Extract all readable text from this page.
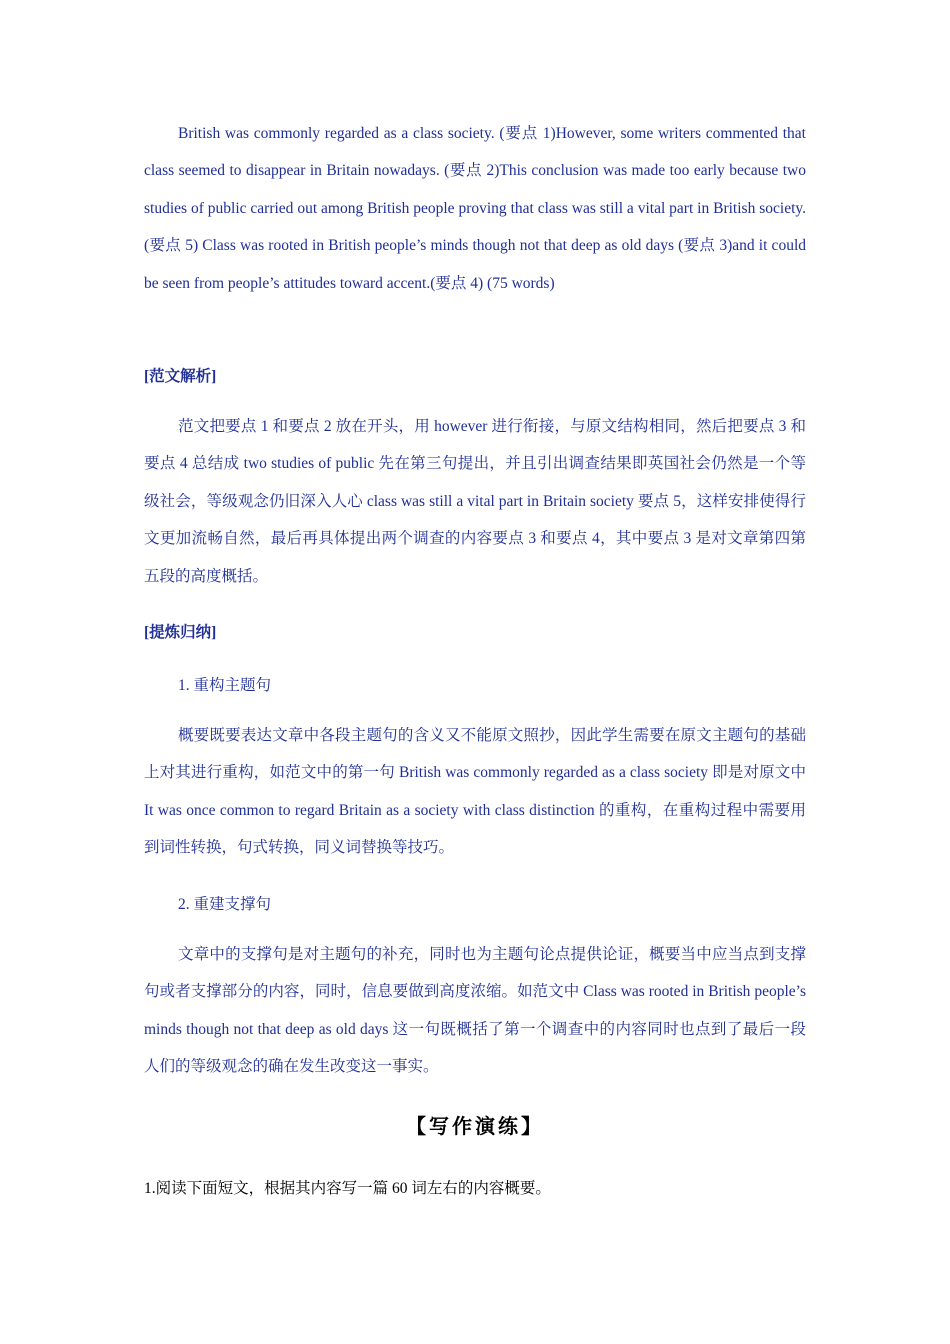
British was commonly regarded as a class society. (要点 1)However, some writers commented that class seemed to disappear in Britain nowadays. (要点 2)This conclusion was made too early because two studies of public carried out among British people proving that class was still a vital part in British society. (要点 5) Class was rooted in British people’s minds though not that deep as old days (要点 3)and it could be seen from people’s attitudes toward accent.(要点 4) (75 words)

[范文解析]

范文把要点 1 和要点 2 放在开头，用 however 进行衔接，与原文结构相同，然后把要点 3 和要点 4 总结成 two studies of public 先在第三句提出，并且引出调查结果即英国社会仍然是一个等级社会，等级观念仍旧深入人心 class was still a vital part in Britain society 要点 5，这样安排使得行文更加流畅自然，最后再具体提出两个调查的内容要点 3 和要点 4，其中要点 3 是对文章第四第五段的高度概括。

[提炼归纳]

1. 重构主题句

概要既要表达文章中各段主题句的含义又不能原文照抄，因此学生需要在原文主题句的基础上对其进行重构，如范文中的第一句 British was commonly regarded as a class society 即是对原文中 It was once common to regard Britain as a society with class distinction 的重构，在重构过程中需要用到词性转换，句式转换，同义词替换等技巧。

2. 重建支撑句

文章中的支撑句是对主题句的补充，同时也为主题句论点提供论证，概要当中应当点到支撑句或者支撑部分的内容，同时，信息要做到高度浓缩。如范文中 Class was rooted in British people’s minds though not that deep as old days 这一句既概括了第一个调查中的内容同时也点到了最后一段人们的等级观念的确在发生改变这一事实。

【写作演练】

1.阅读下面短文，根据其内容写一篇 60 词左右的内容概要。
